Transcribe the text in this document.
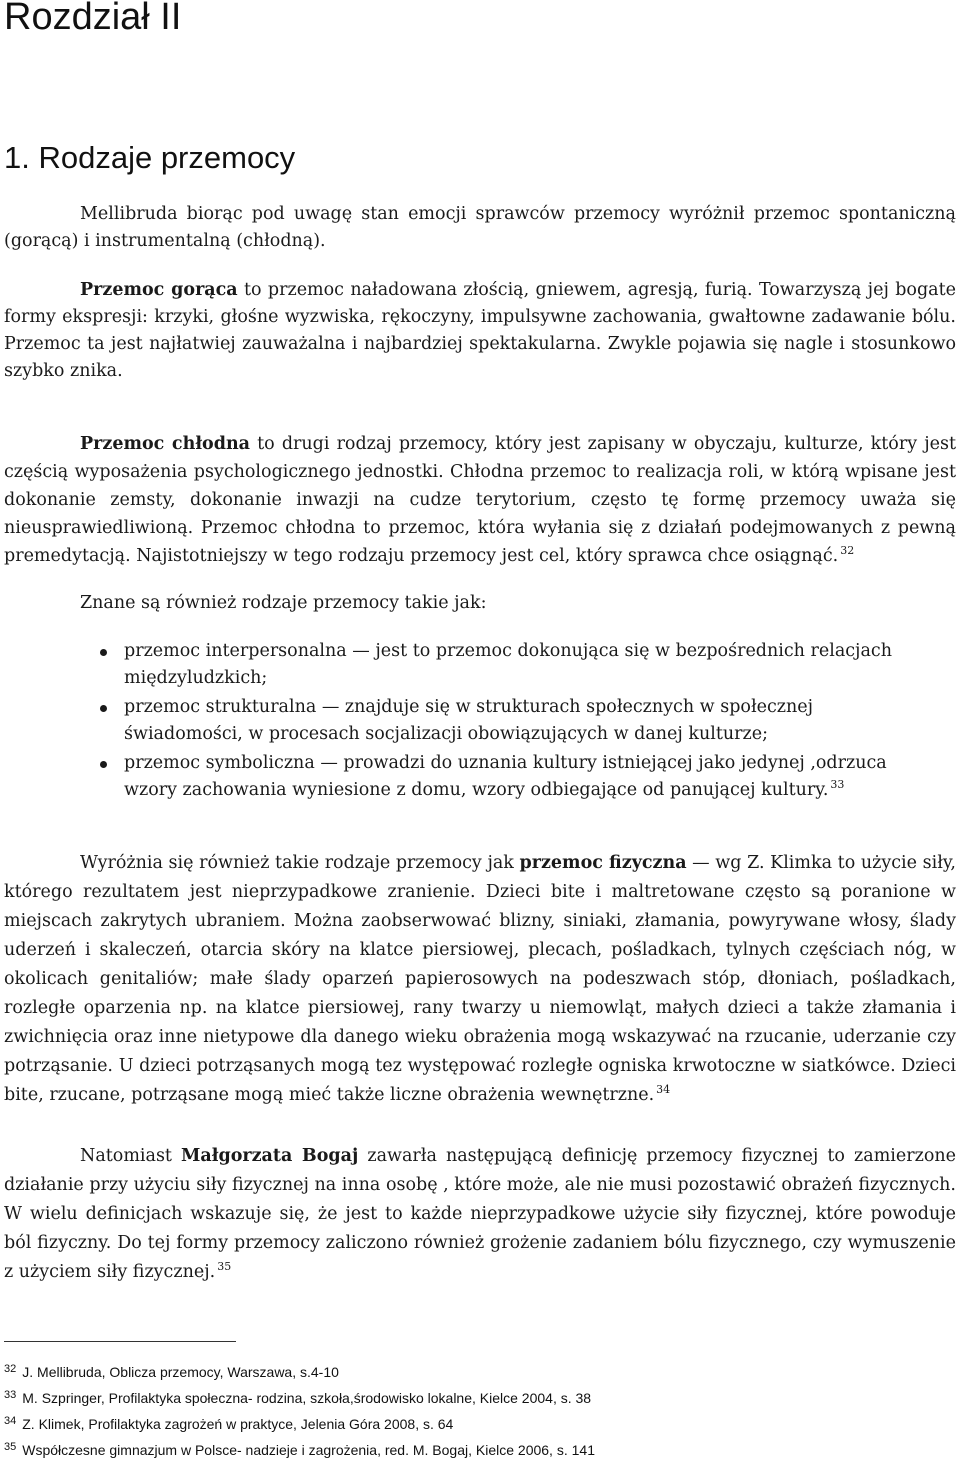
Rozdział II
1. Rodzaje przemocy

Mellibruda biorąc pod uwagę stan emocji sprawców przemocy wyróżnił przemoc spontaniczną (gorącą) i instrumentalną (chłodną).

Przemoc gorąca to przemoc naładowana złością, gniewem, agresją, furią. Towarzyszą jej bogate formy ekspresji: krzyki, głośne wyzwiska, rękoczyny, impulsywne zachowania, gwałtowne zadawanie bólu. Przemoc ta jest najłatwiej zauważalna i najbardziej spektakularna. Zwykle pojawia się nagle i stosunkowo szybko znika.

Przemoc chłodna to drugi rodzaj przemocy, który jest zapisany w obyczaju, kulturze, który jest częścią wyposażenia psychologicznego jednostki. Chłodna przemoc to realizacja roli, w którą wpisane jest dokonanie zemsty, dokonanie inwazji na cudze terytorium, często tę formę przemocy uważa się nieusprawiedliwioną. Przemoc chłodna to przemoc, która wyłania się z działań podejmowanych z pewną premedytacją. Najistotniejszy w tego rodzaju przemocy jest cel, który sprawca chce osiągnąć. $^{32}$

Znane są również rodzaje przemocy takie jak:

przemoc interpersonalna — jest to przemoc dokonująca się w bezpośrednich relacjach międzyludzkich;
przemoc strukturalna — znajduje się w strukturach społecznych w społecznej świadomości, w procesach socjalizacji obowiązujących w danej kulturze;
przemoc symboliczna — prowadzi do uznania kultury istniejącej jako jedynej ,odrzuca wzory zachowania wyniesione z domu, wzory odbiegające od panującej kultury. $^{33}$

Wyróżnia się również takie rodzaje przemocy jak przemoc fizyczna — wg Z. Klimka to użycie siły, którego rezultatem jest nieprzypadkowe zranienie. Dzieci bite i maltretowane często są poranione w miejscach zakrytych ubraniem. Można zaobserwować blizny, siniaki, złamania, powyrywane włosy, ślady uderzeń i skaleczeń, otarcia skóry na klatce piersiowej, plecach, pośladkach, tylnych częściach nóg, w okolicach genitaliów; małe ślady oparzeń papierosowych na podeszwach stóp, dłoniach, pośladkach, rozległe oparzenia np. na klatce piersiowej, rany twarzy u niemowląt, małych dzieci a także złamania i zwichnięcia oraz inne nietypowe dla danego wieku obrażenia mogą wskazywać na rzucanie, uderzanie czy potrząsanie. U dzieci potrząsanych mogą tez występować rozległe ogniska krwotoczne w siatkówce. Dzieci bite, rzucane, potrząsane mogą mieć także liczne obrażenia wewnętrzne. $^{34}$

Natomiast Małgorzata Bogaj zawarła następującą definicję przemocy fizycznej to zamierzone działanie przy użyciu siły fizycznej na inna osobę , które może, ale nie musi pozostawić obrażeń fizycznych. W wielu definicjach wskazuje się, że jest to każde nieprzypadkowe użycie siły fizycznej, które powoduje ból fizyczny. Do tej formy przemocy zaliczono również grożenie zadaniem bólu fizycznego, czy wymuszenie z użyciem siły fizycznej. $^{35}$

$^{32}$ J. Mellibruda, Oblicza przemocy, Warszawa, s.4-10
$^{33}$ M. Szpringer, Profilaktyka społeczna- rodzina, szkoła,środowisko lokalne, Kielce 2004, s. 38
$^{34}$ Z. Klimek, Profilaktyka zagrożeń w praktyce, Jelenia Góra 2008, s. 64
$^{35}$ Współczesne gimnazjum w Polsce- nadzieje i zagrożenia, red. M. Bogaj, Kielce 2006, s. 141
